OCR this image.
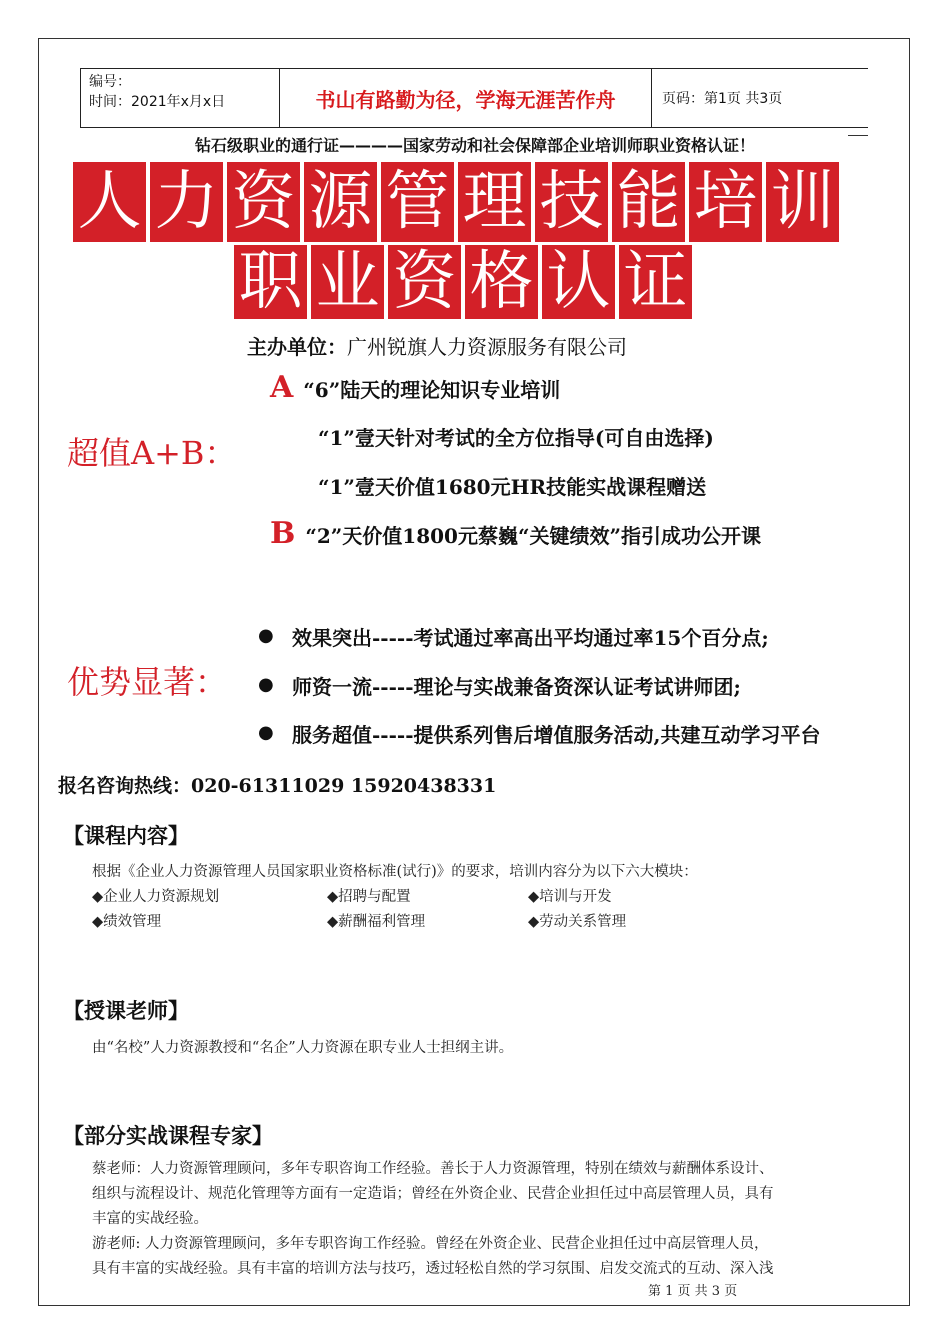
编号：
时间：2021年x月x日	书山有路勤为径，学海无涯苦作舟	页码：第1页 共3页
钻石级职业的通行证————国家劳动和社会保障部企业培训师职业资格认证！
人 力 资 源 管 理 技 能 培 训
职 业 资 格 认 证
主办单位：广州锐旗人力资源服务有限公司
超值A+B：
A “6”陆天的理论知识专业培训
“1”壹天针对考试的全方位指导(可自由选择)
“1”壹天价值1680元HR技能实战课程赠送
B “2”天价值1800元蔡巍“关键绩效”指引成功公开课
优势显著：
● 效果突出-----考试通过率高出平均通过率15个百分点;
● 师资一流-----理论与实战兼备资深认证考试讲师团;
● 服务超值-----提供系列售后增值服务活动,共建互动学习平台
报名咨询热线：020-61311029 15920438331
【课程内容】
根据《企业人力资源管理人员国家职业资格标准(试行)》的要求，培训内容分为以下六大模块：
◆企业人力资源规划	◆招聘与配置	◆培训与开发
◆绩效管理	◆薪酬福利管理	◆劳动关系管理
【授课老师】
由“名校”人力资源教授和“名企”人力资源在职专业人士担纲主讲。
【部分实战课程专家】
蔡老师：人力资源管理顾问，多年专职咨询工作经验。善长于人力资源管理，特别在绩效与薪酬体系设计、
组织与流程设计、规范化管理等方面有一定造诣；曾经在外资企业、民营企业担任过中高层管理人员，具有
丰富的实战经验。
游老师: 人力资源管理顾问，多年专职咨询工作经验。曾经在外资企业、民营企业担任过中高层管理人员，
具有丰富的实战经验。具有丰富的培训方法与技巧，透过轻松自然的学习氛围、启发交流式的互动、深入浅
第 1 页 共 3 页
